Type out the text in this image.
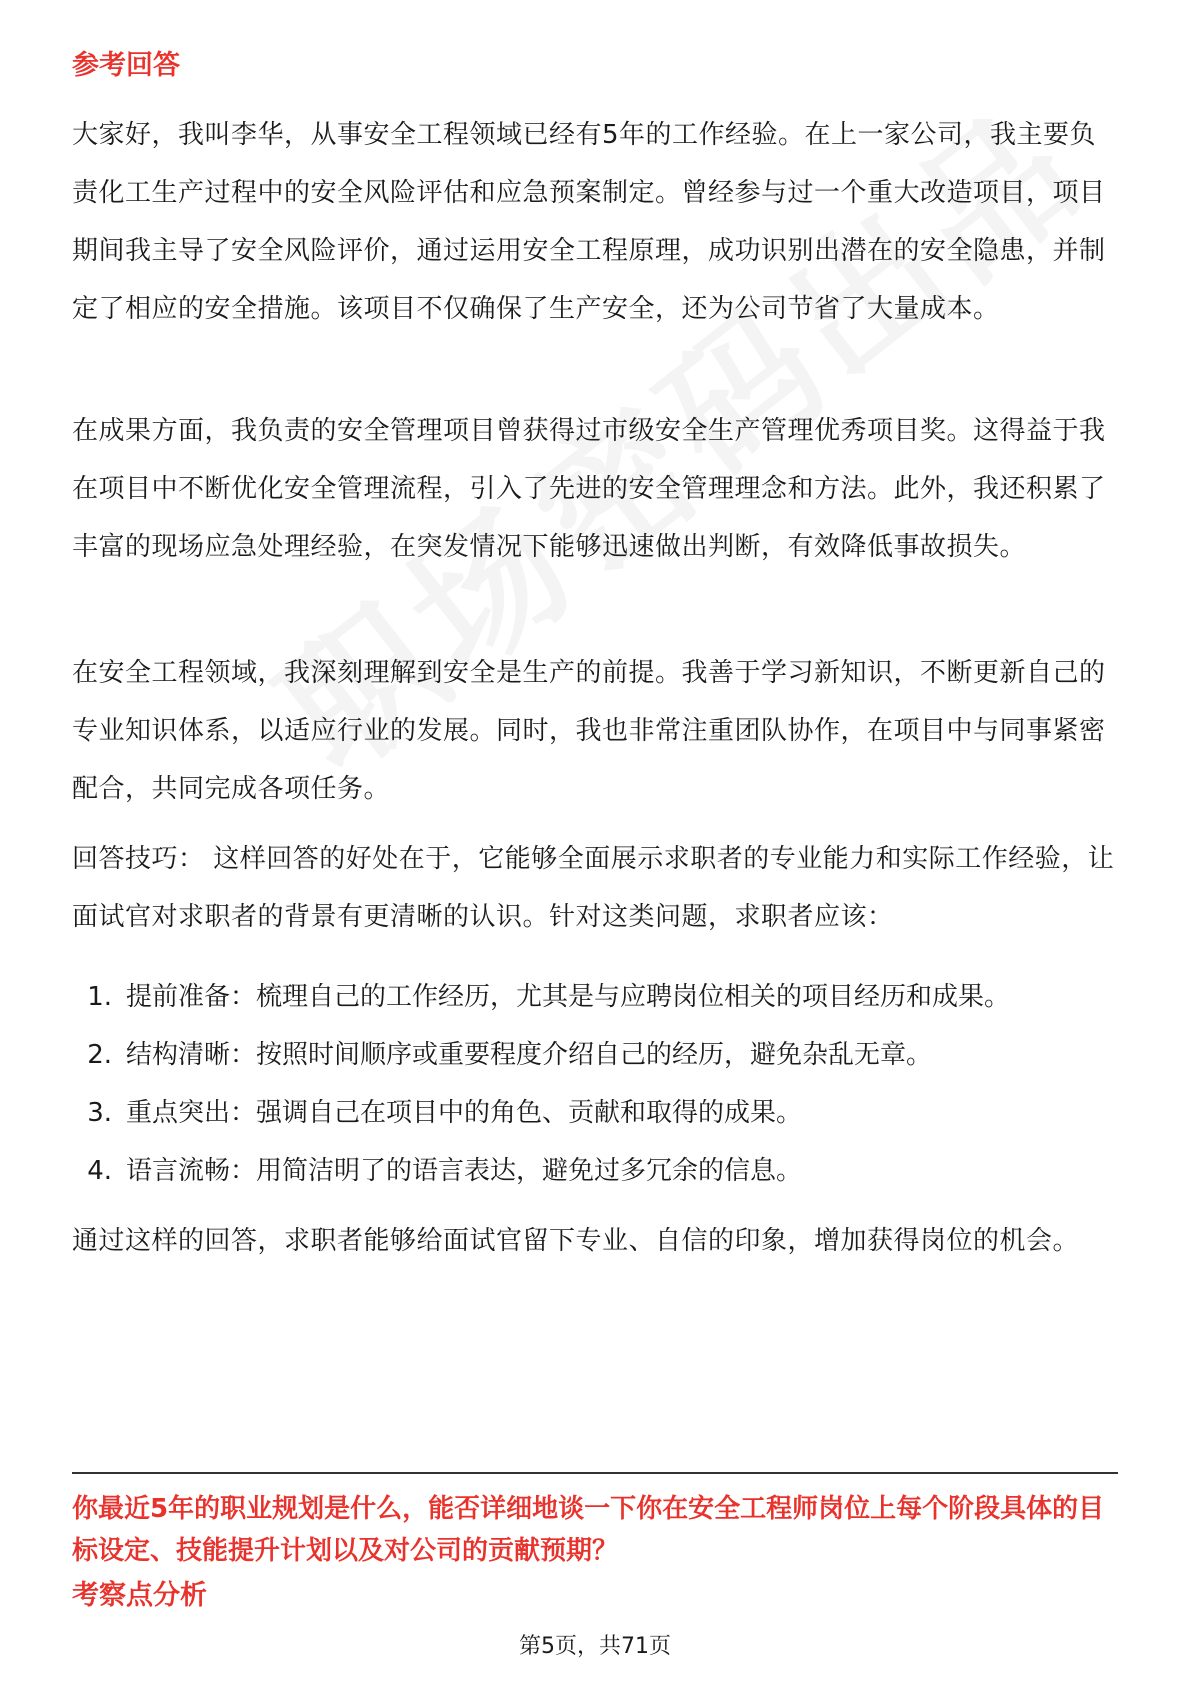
参考回答

大家好，我叫李华，从事安全工程领域已经有5年的工作经验。在上一家公司，我主要负责化工生产过程中的安全风险评估和应急预案制定。曾经参与过一个重大改造项目，项目期间我主导了安全风险评价，通过运用安全工程原理，成功识别出潜在的安全隐患，并制定了相应的安全措施。该项目不仅确保了生产安全，还为公司节省了大量成本。

在成果方面，我负责的安全管理项目曾获得过市级安全生产管理优秀项目奖。这得益于我在项目中不断优化安全管理流程，引入了先进的安全管理理念和方法。此外，我还积累了丰富的现场应急处理经验，在突发情况下能够迅速做出判断，有效降低事故损失。

在安全工程领域，我深刻理解到安全是生产的前提。我善于学习新知识，不断更新自己的专业知识体系，以适应行业的发展。同时，我也非常注重团队协作，在项目中与同事紧密配合，共同完成各项任务。

回答技巧： 这样回答的好处在于，它能够全面展示求职者的专业能力和实际工作经验，让面试官对求职者的背景有更清晰的认识。针对这类问题，求职者应该：

1. 提前准备：梳理自己的工作经历，尤其是与应聘岗位相关的项目经历和成果。
2. 结构清晰：按照时间顺序或重要程度介绍自己的经历，避免杂乱无章。
3. 重点突出：强调自己在项目中的角色、贡献和取得的成果。
4. 语言流畅：用简洁明了的语言表达，避免过多冗余的信息。

通过这样的回答，求职者能够给面试官留下专业、自信的印象，增加获得岗位的机会。

你最近5年的职业规划是什么，能否详细地谈一下你在安全工程师岗位上每个阶段具体的目标设定、技能提升计划以及对公司的贡献预期？

考察点分析
第5页，共71页
